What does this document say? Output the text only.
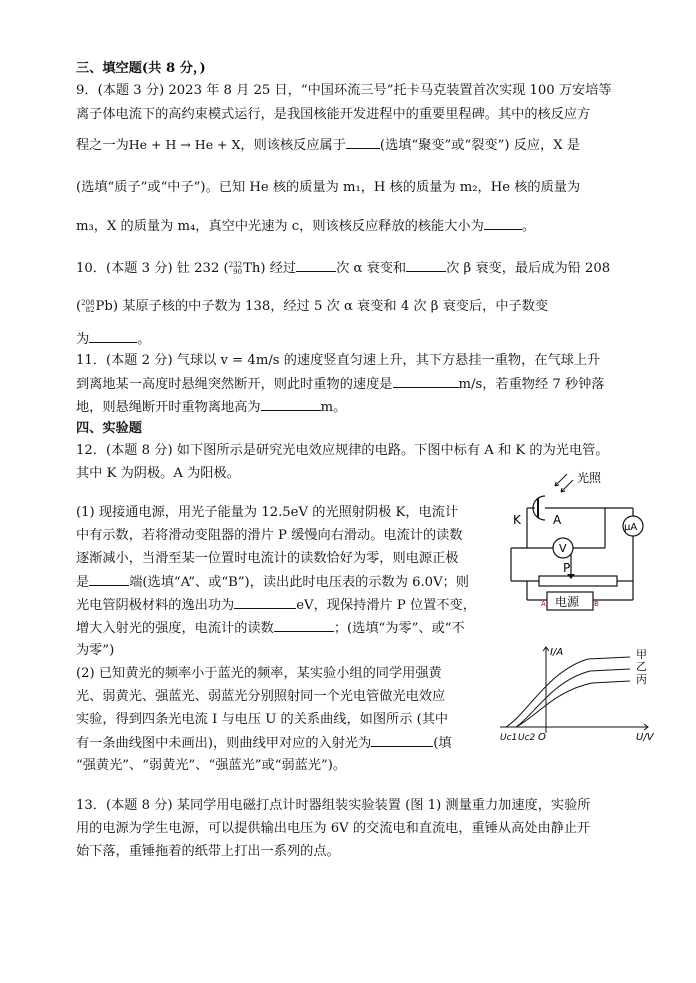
三、填空题(共 8 分，)
9．(本题 3 分) 2023 年 8 月 25 日，“中国环流三号”托卡马克装置首次实现 100 万安培等
离子体电流下的高约束模式运行，是我国核能开发进程中的重要里程碑。其中的核反应方
程之一为He + H → He + X，则该核反应属于	(选填“聚变”或“裂变”) 反应，X 是
(选填“质子”或“中子”)。已知 He 核的质量为 m₁，H 核的质量为 m₂，He 核的质量为
m₃，X 的质量为 m₄，真空中光速为 c，则该核反应释放的核能大小为	。
10．(本题 3 分) 钍 232 ( 232
90 Th) 经过	次 α 衰变和	次 β 衰变，最后成为铅 208
( 208
82 Pb) 某原子核的中子数为 138，经过 5 次 α 衰变和 4 次 β 衰变后，中子数变
为	。
11．(本题 2 分) 气球以 v = 4m/s 的速度竖直匀速上升，其下方悬挂一重物，在气球上升
到离地某一高度时悬绳突然断开，则此时重物的速度是	m/s，若重物经 7 秒钟落
地，则悬绳断开时重物离地高为	m。
四、实验题
12．(本题 8 分) 如下图所示是研究光电效应规律的电路。下图中标有 A 和 K 的为光电管。
其中 K 为阴极。A 为阳极。
(1) 现接通电源，用光子能量为 12.5eV 的光照射阴极 K，电流计
中有示数，若将滑动变阻器的滑片 P 缓慢向右滑动。电流计的读数
逐渐减小，当滑至某一位置时电流计的读数恰好为零，则电源正极
是	端(选填“A”、或“B”)，读出此时电压表的示数为 6.0V；则
光电管阴极材料的逸出功为	eV，现保持滑片 P 位置不变，
增大入射光的强度，电流计的读数	；(选填“为零”、或“不
为零”)
(2) 已知黄光的频率小于蓝光的频率，某实验小组的同学用强黄
光、弱黄光、强蓝光、弱蓝光分别照射同一个光电管做光电效应
实验，得到四条光电流 I 与电压 U 的关系曲线，如图所示 (其中
有一条曲线图中未画出)，则曲线甲对应的入射光为	(填
“强黄光”、“弱黄光”、“强蓝光”或“弱蓝光”)。
13．(本题 8 分) 某同学用电磁打点计时器组装实验装置 (图 1) 测量重力加速度，实验所
用的电源为学生电源，可以提供输出电压为 6V 的交流电和直流电，重锤从高处由静止开
始下落，重锤拖着的纸带上打出一系列的点。
光照
K	A
μA
V
P
电源
A	B
I/A
U/V
O
Uc1 Uc2
甲
乙
丙
